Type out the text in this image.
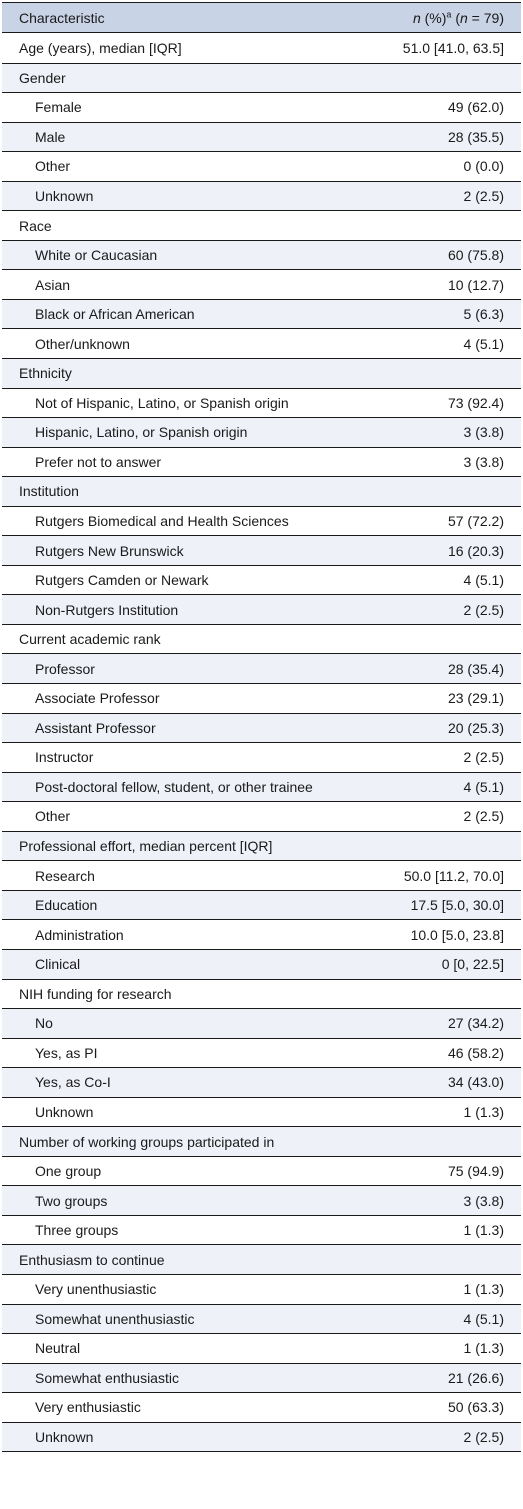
Characteristic	n (%)$^a$ (n = 79)
Age (years), median [IQR]	51.0 [41.0, 63.5]
Gender
Female	49 (62.0)
Male	28 (35.5)
Other	0 (0.0)
Unknown	2 (2.5)
Race
White or Caucasian	60 (75.8)
Asian	10 (12.7)
Black or African American	5 (6.3)
Other/unknown	4 (5.1)
Ethnicity
Not of Hispanic, Latino, or Spanish origin	73 (92.4)
Hispanic, Latino, or Spanish origin	3 (3.8)
Prefer not to answer	3 (3.8)
Institution
Rutgers Biomedical and Health Sciences	57 (72.2)
Rutgers New Brunswick	16 (20.3)
Rutgers Camden or Newark	4 (5.1)
Non-Rutgers Institution	2 (2.5)
Current academic rank
Professor	28 (35.4)
Associate Professor	23 (29.1)
Assistant Professor	20 (25.3)
Instructor	2 (2.5)
Post-doctoral fellow, student, or other trainee	4 (5.1)
Other	2 (2.5)
Professional effort, median percent [IQR]
Research	50.0 [11.2, 70.0]
Education	17.5 [5.0, 30.0]
Administration	10.0 [5.0, 23.8]
Clinical	0 [0, 22.5]
NIH funding for research
No	27 (34.2)
Yes, as PI	46 (58.2)
Yes, as Co-I	34 (43.0)
Unknown	1 (1.3)
Number of working groups participated in
One group	75 (94.9)
Two groups	3 (3.8)
Three groups	1 (1.3)
Enthusiasm to continue
Very unenthusiastic	1 (1.3)
Somewhat unenthusiastic	4 (5.1)
Neutral	1 (1.3)
Somewhat enthusiastic	21 (26.6)
Very enthusiastic	50 (63.3)
Unknown	2 (2.5)
